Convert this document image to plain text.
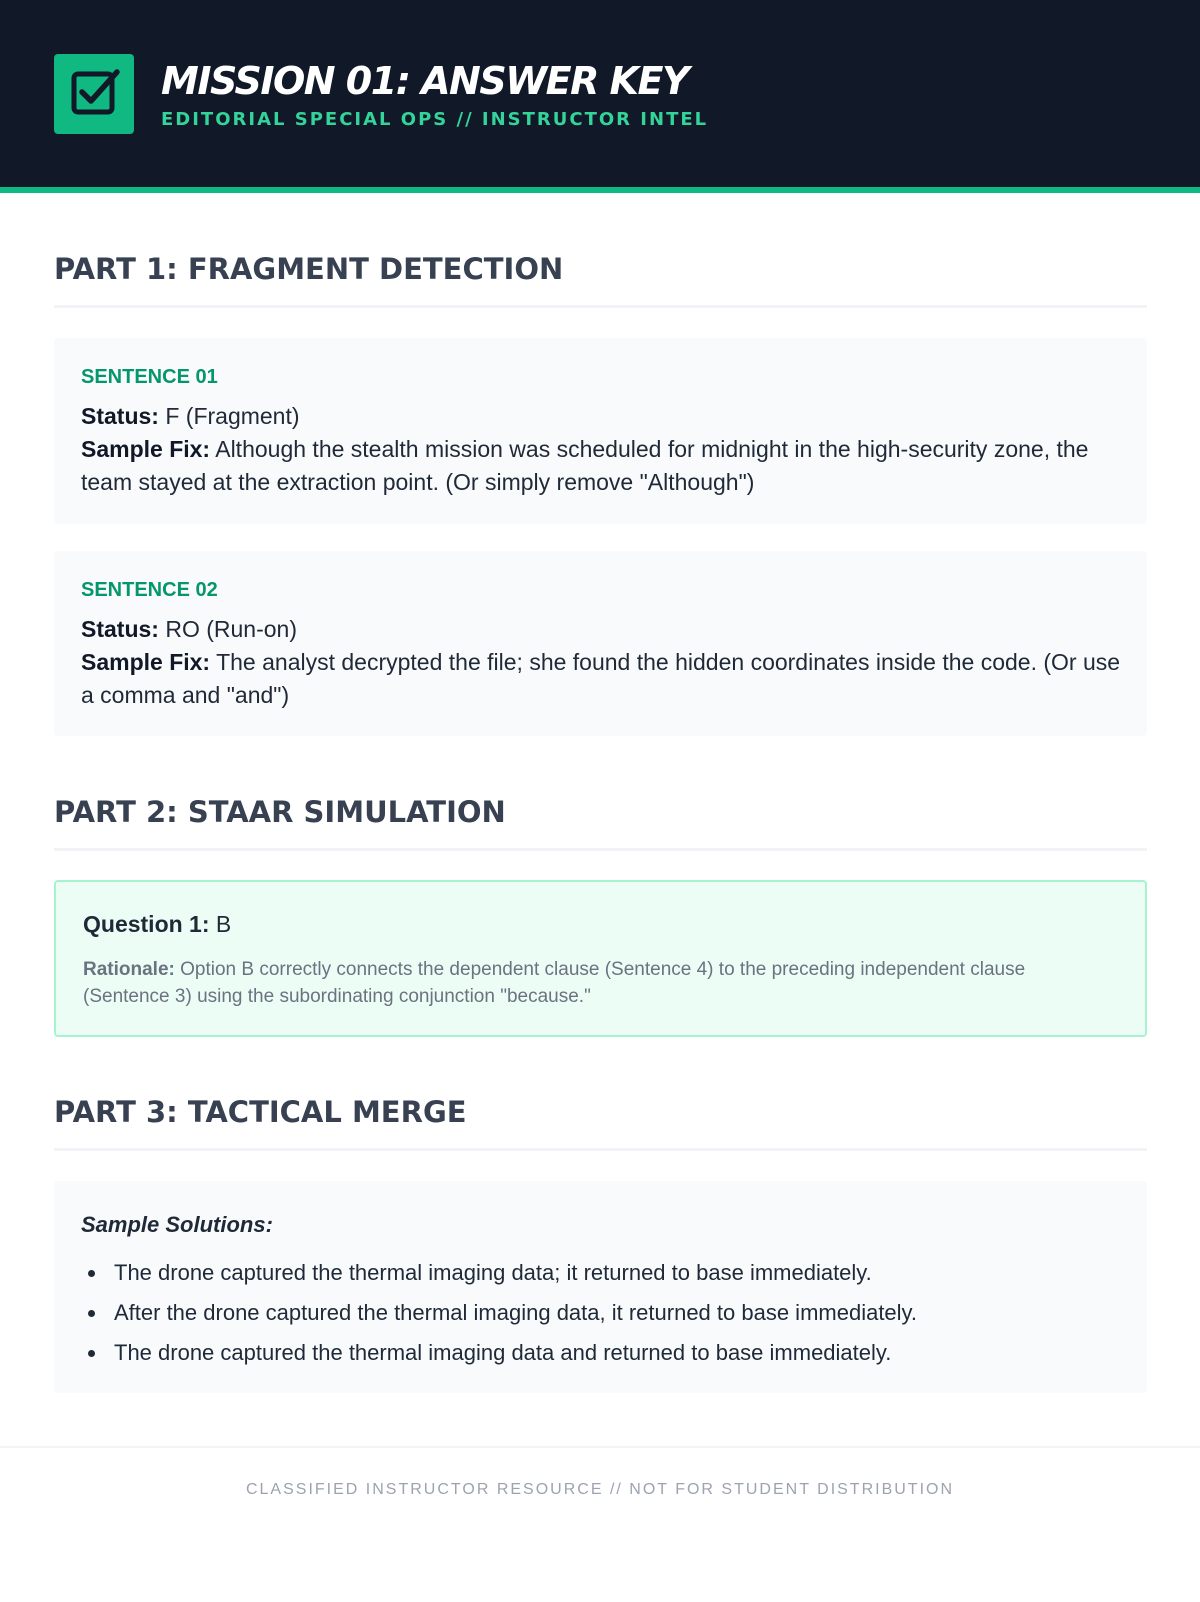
MISSION 01: ANSWER KEY
EDITORIAL SPECIAL OPS // INSTRUCTOR INTEL
PART 1: FRAGMENT DETECTION
SENTENCE 01
Status: F (Fragment)
Sample Fix: Although the stealth mission was scheduled for midnight in the high-security zone, the team stayed at the extraction point. (Or simply remove "Although")
SENTENCE 02
Status: RO (Run-on)
Sample Fix: The analyst decrypted the file; she found the hidden coordinates inside the code. (Or use a comma and "and")
PART 2: STAAR SIMULATION
Question 1: B
Rationale: Option B correctly connects the dependent clause (Sentence 4) to the preceding independent clause (Sentence 3) using the subordinating conjunction "because."
PART 3: TACTICAL MERGE
Sample Solutions:
The drone captured the thermal imaging data; it returned to base immediately.
After the drone captured the thermal imaging data, it returned to base immediately.
The drone captured the thermal imaging data and returned to base immediately.
CLASSIFIED INSTRUCTOR RESOURCE // NOT FOR STUDENT DISTRIBUTION
